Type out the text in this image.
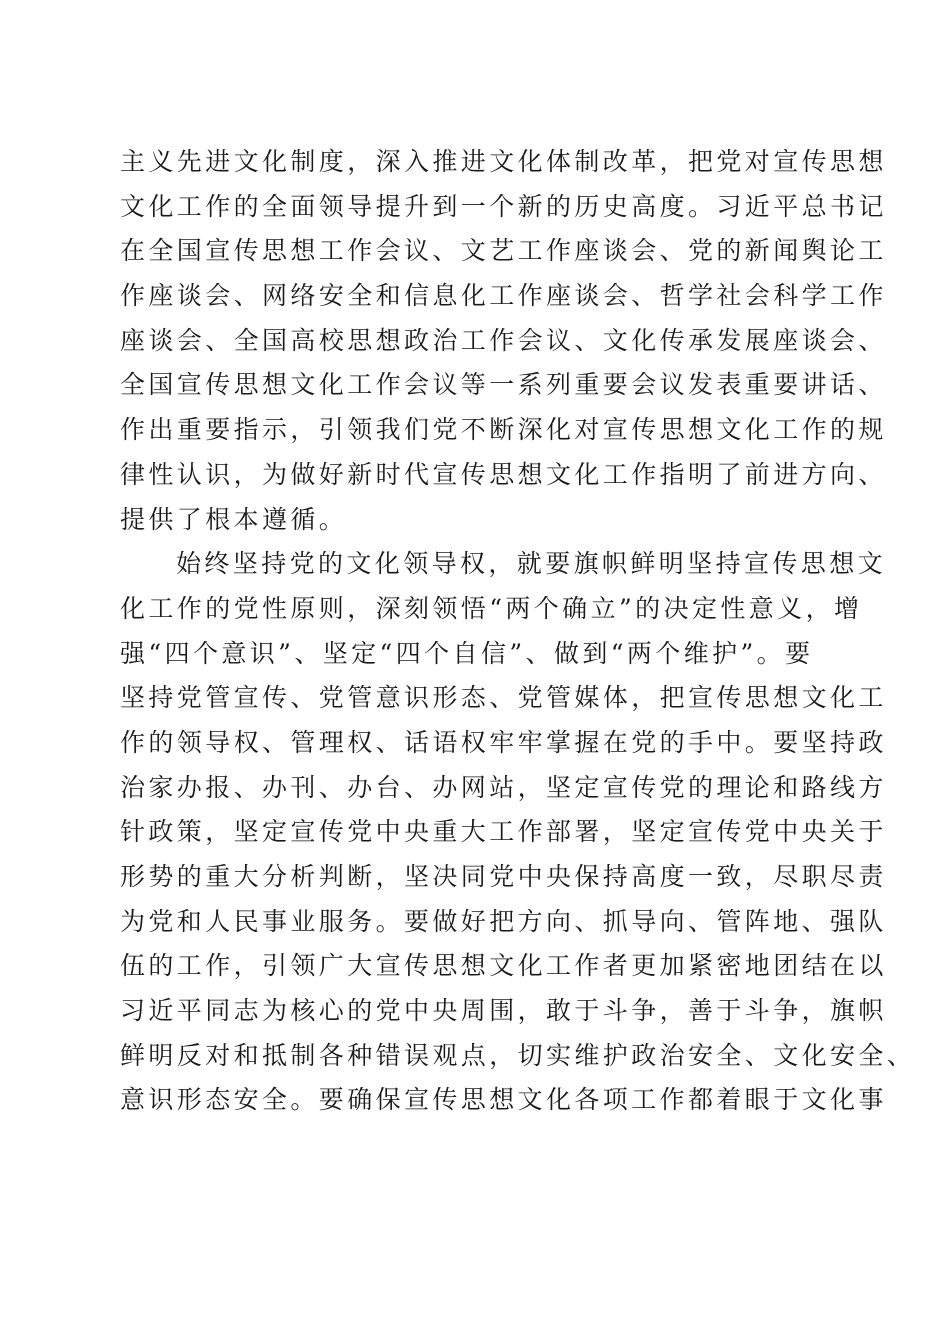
主义先进文化制度，深入推进文化体制改革，把党对宣传思想
文化工作的全面领导提升到一个新的历史高度。习近平总书记
在全国宣传思想工作会议、文艺工作座谈会、党的新闻舆论工
作座谈会、网络安全和信息化工作座谈会、哲学社会科学工作
座谈会、全国高校思想政治工作会议、文化传承发展座谈会、
全国宣传思想文化工作会议等一系列重要会议发表重要讲话、
作出重要指示，引领我们党不断深化对宣传思想文化工作的规
律性认识，为做好新时代宣传思想文化工作指明了前进方向、
提供了根本遵循。
始终坚持党的文化领导权，就要旗帜鲜明坚持宣传思想文
化工作的党性原则，深刻领悟“两个确立”的决定性意义，增
强“四个意识”、坚定“四个自信”、做到“两个维护”。要
坚持党管宣传、党管意识形态、党管媒体，把宣传思想文化工
作的领导权、管理权、话语权牢牢掌握在党的手中。要坚持政
治家办报、办刊、办台、办网站，坚定宣传党的理论和路线方
针政策，坚定宣传党中央重大工作部署，坚定宣传党中央关于
形势的重大分析判断，坚决同党中央保持高度一致，尽职尽责
为党和人民事业服务。要做好把方向、抓导向、管阵地、强队
伍的工作，引领广大宣传思想文化工作者更加紧密地团结在以
习近平同志为核心的党中央周围，敢于斗争，善于斗争，旗帜
鲜明反对和抵制各种错误观点，切实维护政治安全、文化安全、
意识形态安全。要确保宣传思想文化各项工作都着眼于文化事
